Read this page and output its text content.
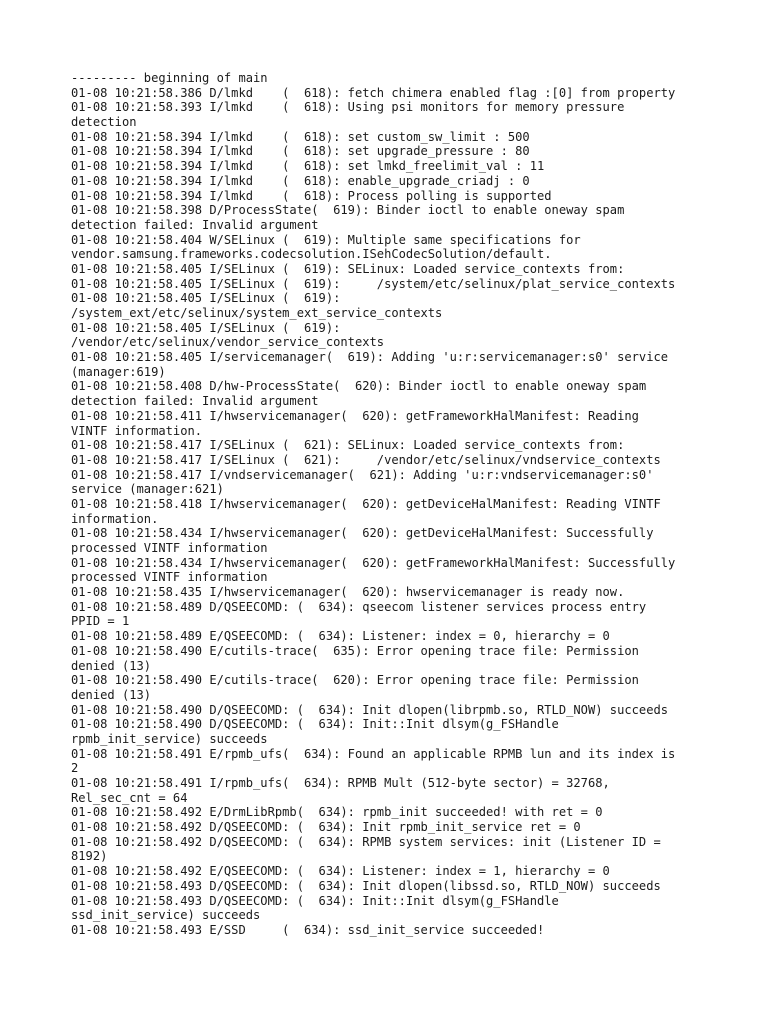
--------- beginning of main
01-08 10:21:58.386 D/lmkd    (  618): fetch chimera enabled flag :[0] from property
01-08 10:21:58.393 I/lmkd    (  618): Using psi monitors for memory pressure
detection
01-08 10:21:58.394 I/lmkd    (  618): set custom_sw_limit : 500
01-08 10:21:58.394 I/lmkd    (  618): set upgrade_pressure : 80
01-08 10:21:58.394 I/lmkd    (  618): set lmkd_freelimit_val : 11
01-08 10:21:58.394 I/lmkd    (  618): enable_upgrade_criadj : 0
01-08 10:21:58.394 I/lmkd    (  618): Process polling is supported
01-08 10:21:58.398 D/ProcessState(  619): Binder ioctl to enable oneway spam
detection failed: Invalid argument
01-08 10:21:58.404 W/SELinux (  619): Multiple same specifications for
vendor.samsung.frameworks.codecsolution.ISehCodecSolution/default.
01-08 10:21:58.405 I/SELinux (  619): SELinux: Loaded service_contexts from:
01-08 10:21:58.405 I/SELinux (  619):     /system/etc/selinux/plat_service_contexts
01-08 10:21:58.405 I/SELinux (  619):
/system_ext/etc/selinux/system_ext_service_contexts
01-08 10:21:58.405 I/SELinux (  619):
/vendor/etc/selinux/vendor_service_contexts
01-08 10:21:58.405 I/servicemanager(  619): Adding 'u:r:servicemanager:s0' service
(manager:619)
01-08 10:21:58.408 D/hw-ProcessState(  620): Binder ioctl to enable oneway spam
detection failed: Invalid argument
01-08 10:21:58.411 I/hwservicemanager(  620): getFrameworkHalManifest: Reading
VINTF information.
01-08 10:21:58.417 I/SELinux (  621): SELinux: Loaded service_contexts from:
01-08 10:21:58.417 I/SELinux (  621):     /vendor/etc/selinux/vndservice_contexts
01-08 10:21:58.417 I/vndservicemanager(  621): Adding 'u:r:vndservicemanager:s0'
service (manager:621)
01-08 10:21:58.418 I/hwservicemanager(  620): getDeviceHalManifest: Reading VINTF
information.
01-08 10:21:58.434 I/hwservicemanager(  620): getDeviceHalManifest: Successfully
processed VINTF information
01-08 10:21:58.434 I/hwservicemanager(  620): getFrameworkHalManifest: Successfully
processed VINTF information
01-08 10:21:58.435 I/hwservicemanager(  620): hwservicemanager is ready now.
01-08 10:21:58.489 D/QSEECOMD: (  634): qseecom listener services process entry
PPID = 1
01-08 10:21:58.489 E/QSEECOMD: (  634): Listener: index = 0, hierarchy = 0
01-08 10:21:58.490 E/cutils-trace(  635): Error opening trace file: Permission
denied (13)
01-08 10:21:58.490 E/cutils-trace(  620): Error opening trace file: Permission
denied (13)
01-08 10:21:58.490 D/QSEECOMD: (  634): Init dlopen(librpmb.so, RTLD_NOW) succeeds
01-08 10:21:58.490 D/QSEECOMD: (  634): Init::Init dlsym(g_FSHandle
rpmb_init_service) succeeds
01-08 10:21:58.491 E/rpmb_ufs(  634): Found an applicable RPMB lun and its index is
2
01-08 10:21:58.491 I/rpmb_ufs(  634): RPMB Mult (512-byte sector) = 32768,
Rel_sec_cnt = 64
01-08 10:21:58.492 E/DrmLibRpmb(  634): rpmb_init succeeded! with ret = 0
01-08 10:21:58.492 D/QSEECOMD: (  634): Init rpmb_init_service ret = 0
01-08 10:21:58.492 D/QSEECOMD: (  634): RPMB system services: init (Listener ID =
8192)
01-08 10:21:58.492 E/QSEECOMD: (  634): Listener: index = 1, hierarchy = 0
01-08 10:21:58.493 D/QSEECOMD: (  634): Init dlopen(libssd.so, RTLD_NOW) succeeds
01-08 10:21:58.493 D/QSEECOMD: (  634): Init::Init dlsym(g_FSHandle
ssd_init_service) succeeds
01-08 10:21:58.493 E/SSD     (  634): ssd_init_service succeeded!
